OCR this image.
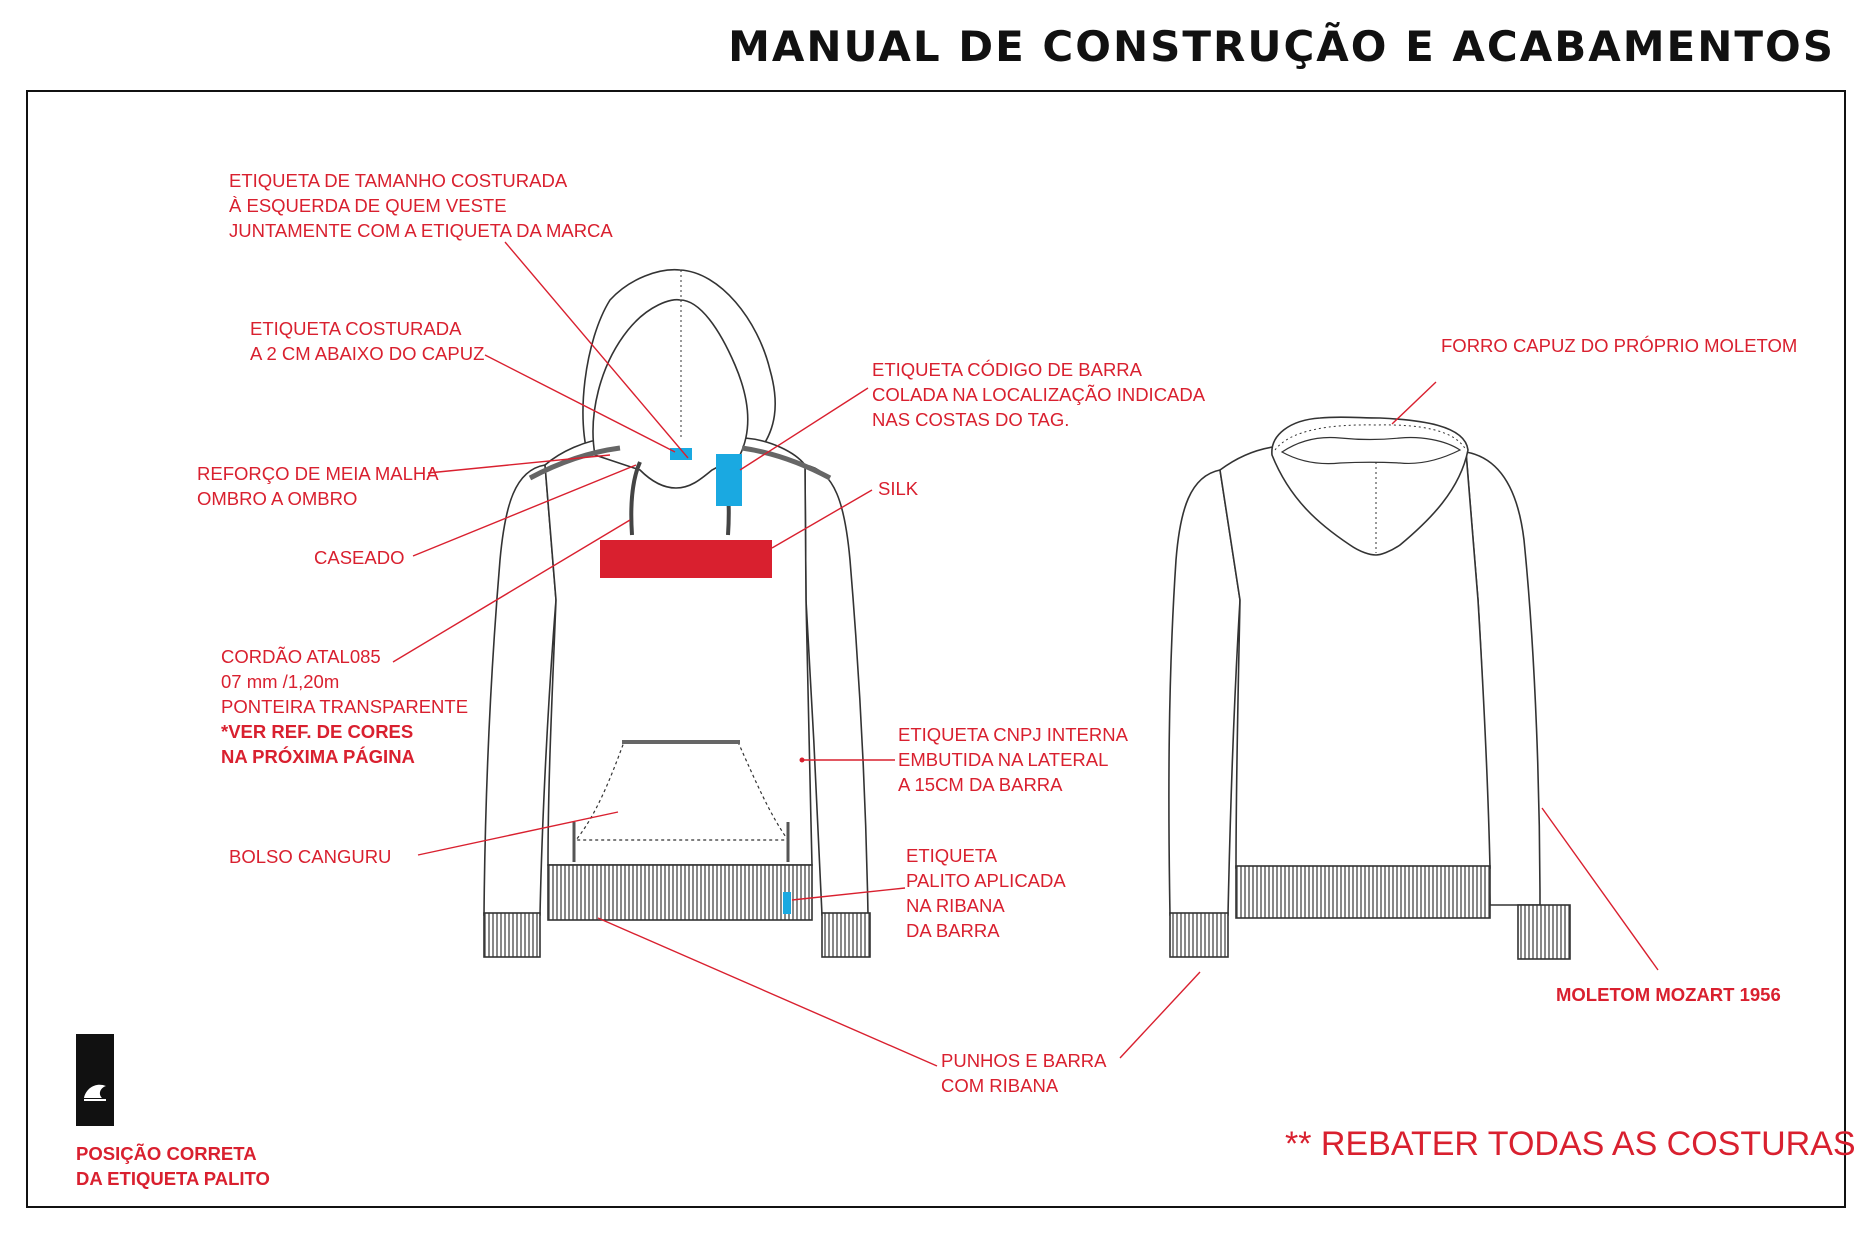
MANUAL DE CONSTRUÇÃO E ACABAMENTOS
ETIQUETA DE TAMANHO COSTURADA
À ESQUERDA DE QUEM VESTE
JUNTAMENTE COM A ETIQUETA DA MARCA
ETIQUETA COSTURADA
A 2 CM ABAIXO DO CAPUZ
REFORÇO DE MEIA MALHA
OMBRO A OMBRO
CASEADO
CORDÃO ATAL085
07 mm /1,20m
PONTEIRA TRANSPARENTE
*VER REF. DE CORES
NA PRÓXIMA PÁGINA
BOLSO CANGURU
ETIQUETA CÓDIGO DE BARRA
COLADA NA LOCALIZAÇÃO INDICADA
NAS COSTAS DO TAG.
SILK
ETIQUETA CNPJ INTERNA
EMBUTIDA NA LATERAL
A 15CM DA BARRA
ETIQUETA
PALITO APLICADA
NA RIBANA
DA BARRA
PUNHOS E BARRA
COM RIBANA
FORRO CAPUZ DO PRÓPRIO MOLETOM
MOLETOM MOZART 1956
POSIÇÃO CORRETA
DA ETIQUETA PALITO
** REBATER TODAS AS COSTURAS
